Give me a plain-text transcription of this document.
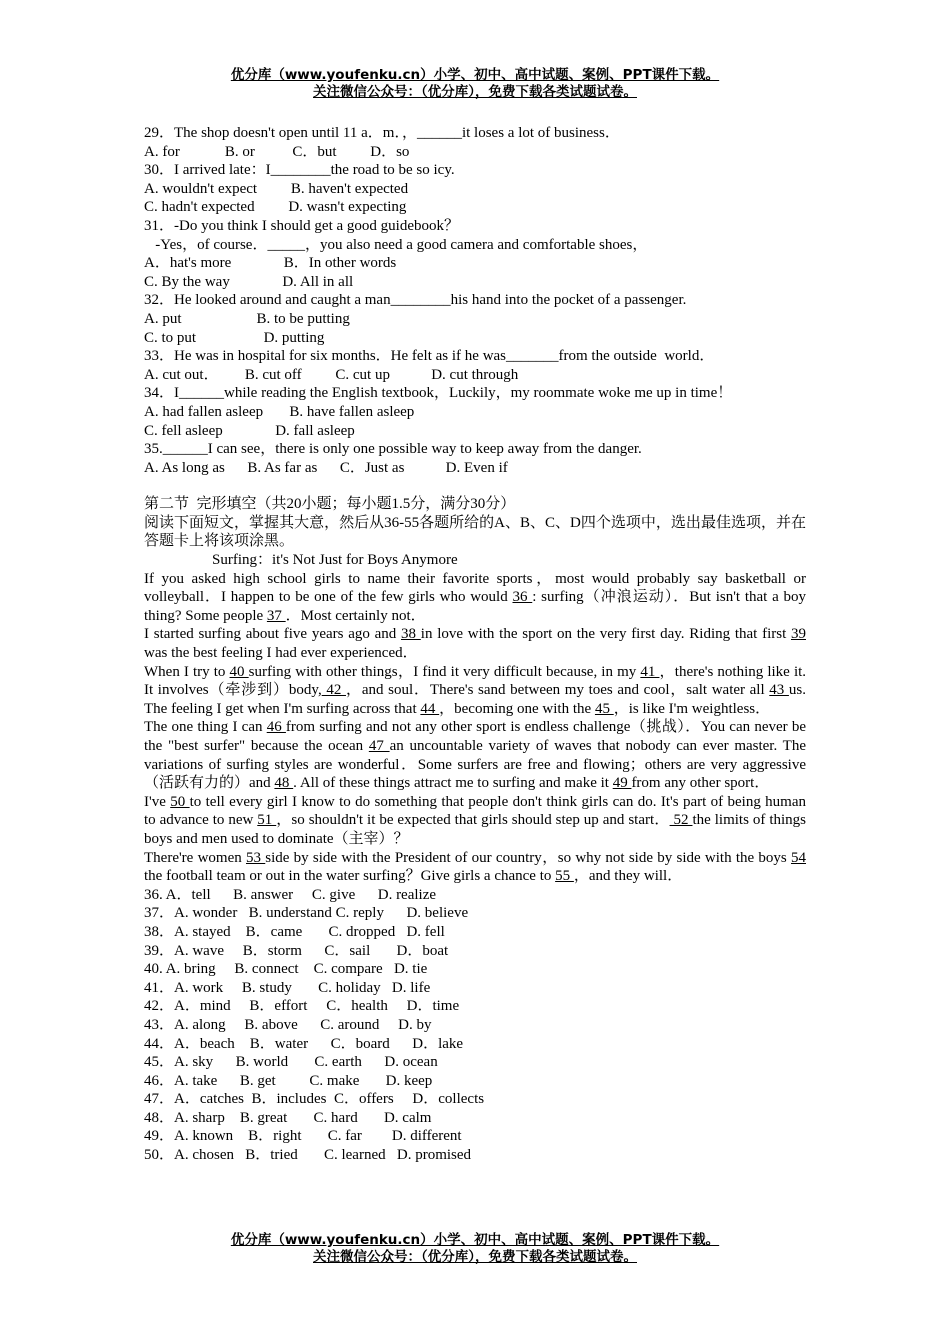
优分库（www.youfenku.cn）小学、初中、高中试题、案例、PPT课件下载。
关注微信公众号：（优分库），免费下载各类试题试卷。
29．The shop doesn't open until 11 a．m．，______it loses a lot of business．
A. for            B. or          C．but         D．so
30．I arrived late：I________the road to be so icy.
A. wouldn't expect         B. haven't expected
C. hadn't expected         D. wasn't expecting
31．-Do you think I should get a good guidebook？
-Yes，of course．_____，you also need a good camera and comfortable shoes，
A．hat's more              B．In other words
C. By the way              D. All in all
32．He looked around and caught a man________his hand into the pocket of a passenger.
A. put                    B. to be putting
C. to put                  D. putting
33．He was in hospital for six months．He felt as if he was_______from the outside  world．
A. cut out．       B. cut off         C. cut up           D. cut through
34．I______while reading the English textbook，Luckily，my roommate woke me up in time！
A. had fallen asleep       B. have fallen asleep
C. fell asleep              D. fall asleep
35.______I can see，there is only one possible way to keep away from the danger.
A. As long as      B. As far as      C．Just as           D. Even if
第二节  完形填空（共20小题；每小题1.5分，满分30分）
阅读下面短文，掌握其大意，然后从36-55各题所给的A、B、C、D四个选项中，选出最佳选项，并在答题卡上将该项涂黑。
Surfing：it's Not Just for Boys Anymore
If you asked high school girls to name their favorite sports，most would probably say basketball or volleyball．I happen to be one of the few girls who would 36 : surfing（冲浪运动）．But isn't that a boy thing? Some people 37 ．Most certainly not．
I started surfing about five years ago and 38 in love with the sport on the very first day. Riding that first 39 was the best feeling I had ever experienced．
When I try to 40 surfing with other things，I find it very difficult because, in my 41 ，there's nothing like it. It involves（牵涉到）body, 42 ，and soul．There's sand between my toes and cool，salt water all 43 us. The feeling I get when I'm surfing across that 44 ，becoming one with the 45 ，is like I'm weightless．
The one thing I can 46 from surfing and not any other sport is endless challenge（挑战）．You can never be the "best surfer" because the ocean 47 an uncountable variety of waves that nobody can ever master. The variations of surfing styles are wonderful．Some surfers are free and flowing；others are very aggressive（活跃有力的）and 48 . All of these things attract me to surfing and make it 49 from any other sport．
I've 50 to tell every girl I know to do something that people don't think girls can do. It's part of being human to advance to new 51 ，so shouldn't it be expected that girls should step up and start． 52 the limits of things boys and men used to dominate（主宰）？
There're women 53 side by side with the President of our country，so why not side by side with the boys 54 the football team or out in the water surfing？Give girls a chance to 55 ，and they will．
36. A．tell      B. answer     C. give      D. realize
37．A. wonder   B. understand C. reply      D. believe
38．A. stayed    B．came       C. dropped   D. fell
39．A. wave     B．storm      C．sail       D．boat
40. A. bring     B. connect    C. compare   D. tie
41．A. work     B. study       C. holiday   D. life
42．A．mind     B．effort     C．health     D．time
43．A. along     B. above      C. around     D. by
44．A．beach    B．water      C．board      D．lake
45．A. sky      B. world       C. earth      D. ocean
46．A. take      B. get         C. make       D. keep
47．A．catches  B．includes  C．offers     D．collects
48．A. sharp    B. great       C. hard       D. calm
49．A. known    B．right       C. far        D. different
50．A. chosen   B．tried       C. learned   D. promised
优分库（www.youfenku.cn）小学、初中、高中试题、案例、PPT课件下载。
关注微信公众号：（优分库），免费下载各类试题试卷。
